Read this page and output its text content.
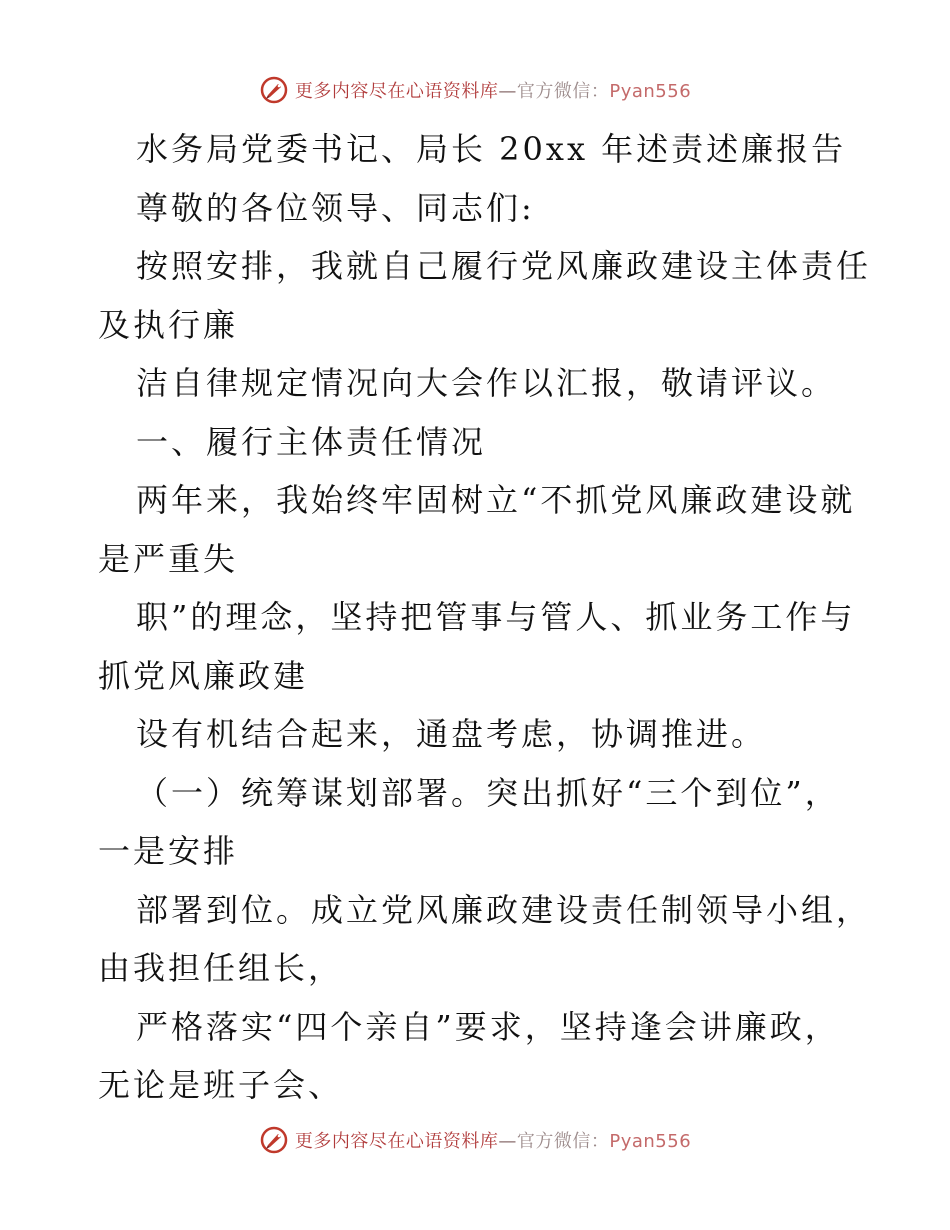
更多内容尽在心语资料库—官方微信：Pyan556
水务局党委书记、局长 20xx 年述责述廉报告
尊敬的各位领导、同志们:
按照安排，我就自己履行党风廉政建设主体责任
及执行廉
洁自律规定情况向大会作以汇报，敬请评议。
一、履行主体责任情况
两年来，我始终牢固树立“不抓党风廉政建设就
是严重失
职”的理念，坚持把管事与管人、抓业务工作与
抓党风廉政建
设有机结合起来，通盘考虑，协调推进。
（一）统筹谋划部署。突出抓好“三个到位”，
一是安排
部署到位。成立党风廉政建设责任制领导小组，
由我担任组长，
严格落实“四个亲自”要求，坚持逢会讲廉政，
无论是班子会、
更多内容尽在心语资料库—官方微信：Pyan556
